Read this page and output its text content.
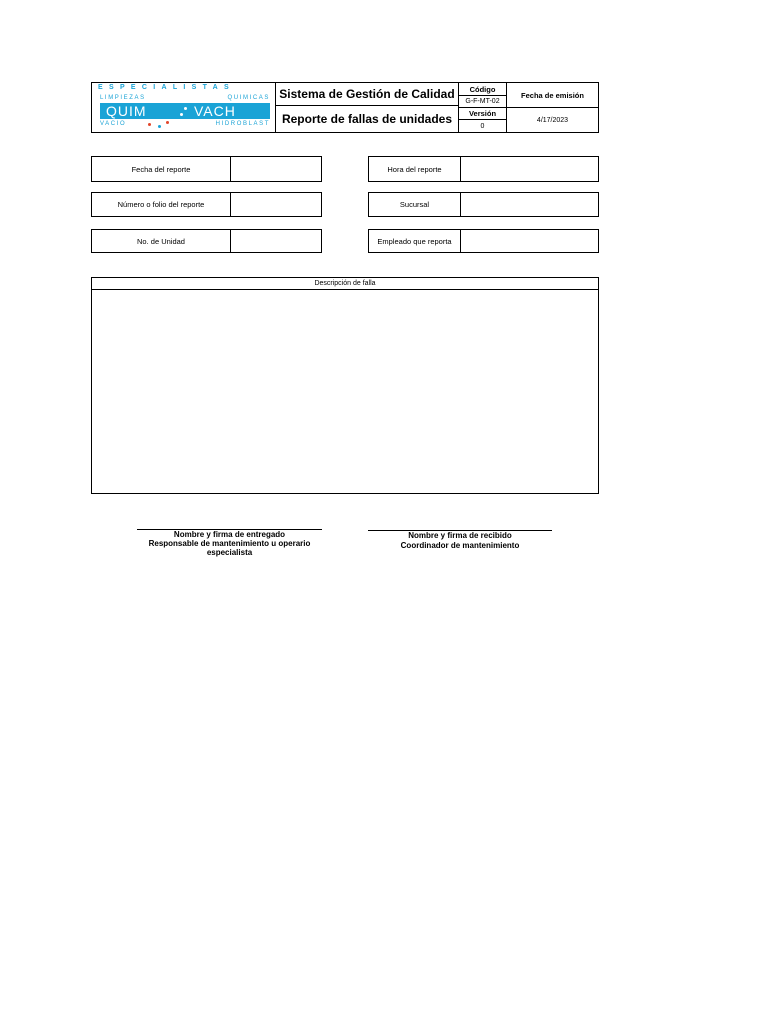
ESPECIALISTAS
LIMPIEZAS	QUIMICAS
QUIM	VACH
VACIO	HIDROBLAST
Sistema de Gestión de Calidad
Reporte de fallas de unidades
Código
G-F-MT-02
Versión
0
Fecha de emisión
4/17/2023
Fecha del reporte	Hora del reporte
Número o folio del reporte	Sucursal
No. de Unidad	Empleado que reporta
Descripción de falla
Nombre y firma de entregado
Responsable de mantenimiento u operario
especialista
Nombre y firma de recibido
Coordinador de mantenimiento
